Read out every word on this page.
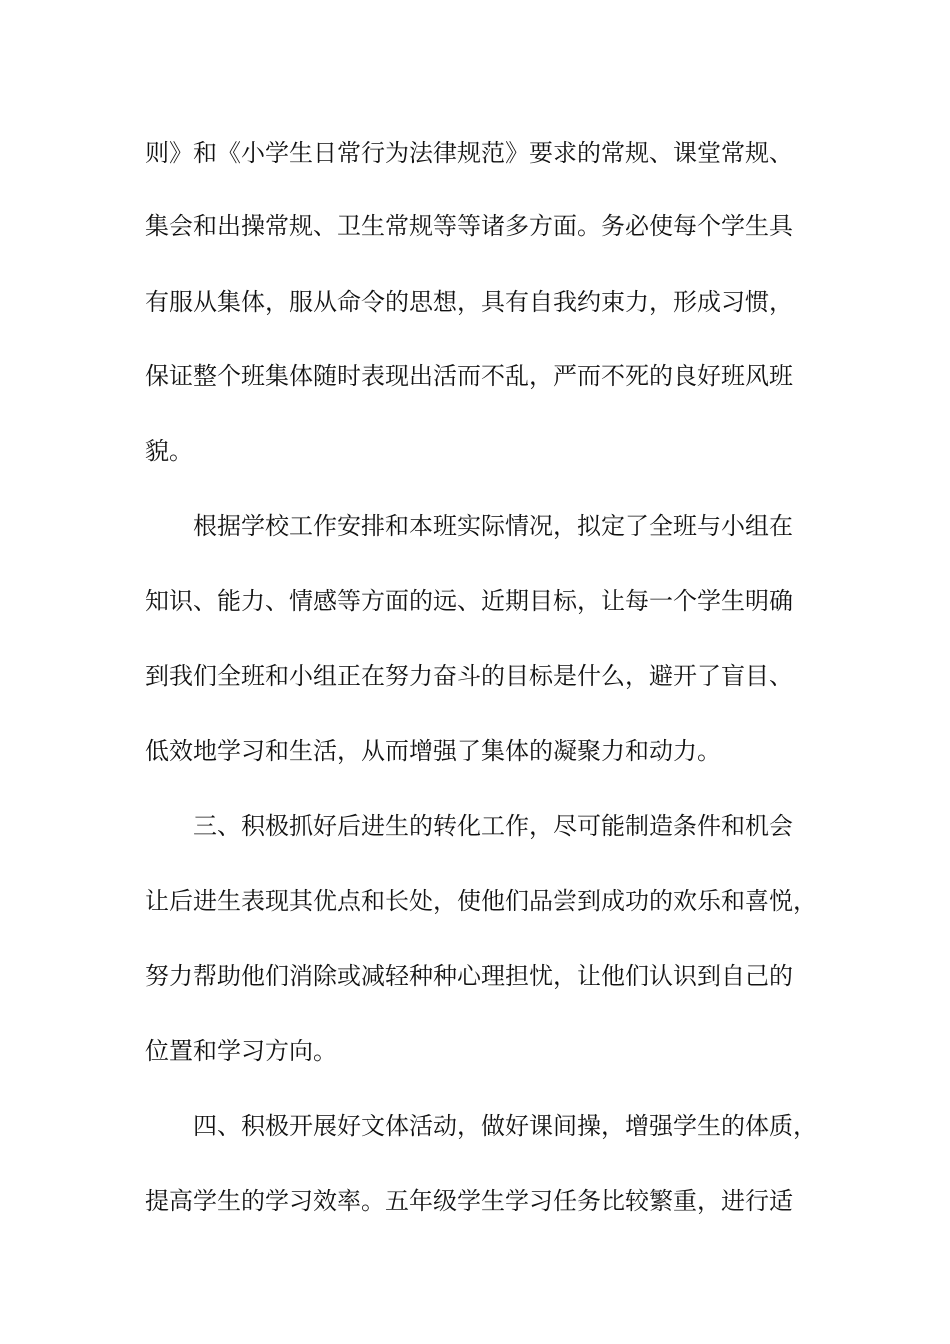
则》和《小学生日常行为法律规范》要求的常规、课堂常规、
集会和出操常规、卫生常规等等诸多方面。务必使每个学生具
有服从集体，服从命令的思想，具有自我约束力，形成习惯，
保证整个班集体随时表现出活而不乱，严而不死的良好班风班
貌。
根据学校工作安排和本班实际情况，拟定了全班与小组在
知识、能力、情感等方面的远、近期目标，让每一个学生明确
到我们全班和小组正在努力奋斗的目标是什么，避开了盲目、
低效地学习和生活，从而增强了集体的凝聚力和动力。
三、积极抓好后进生的转化工作，尽可能制造条件和机会
让后进生表现其优点和长处，使他们品尝到成功的欢乐和喜悦，
努力帮助他们消除或减轻种种心理担忧，让他们认识到自己的
位置和学习方向。
四、积极开展好文体活动，做好课间操，增强学生的体质，
提高学生的学习效率。五年级学生学习任务比较繁重，进行适
